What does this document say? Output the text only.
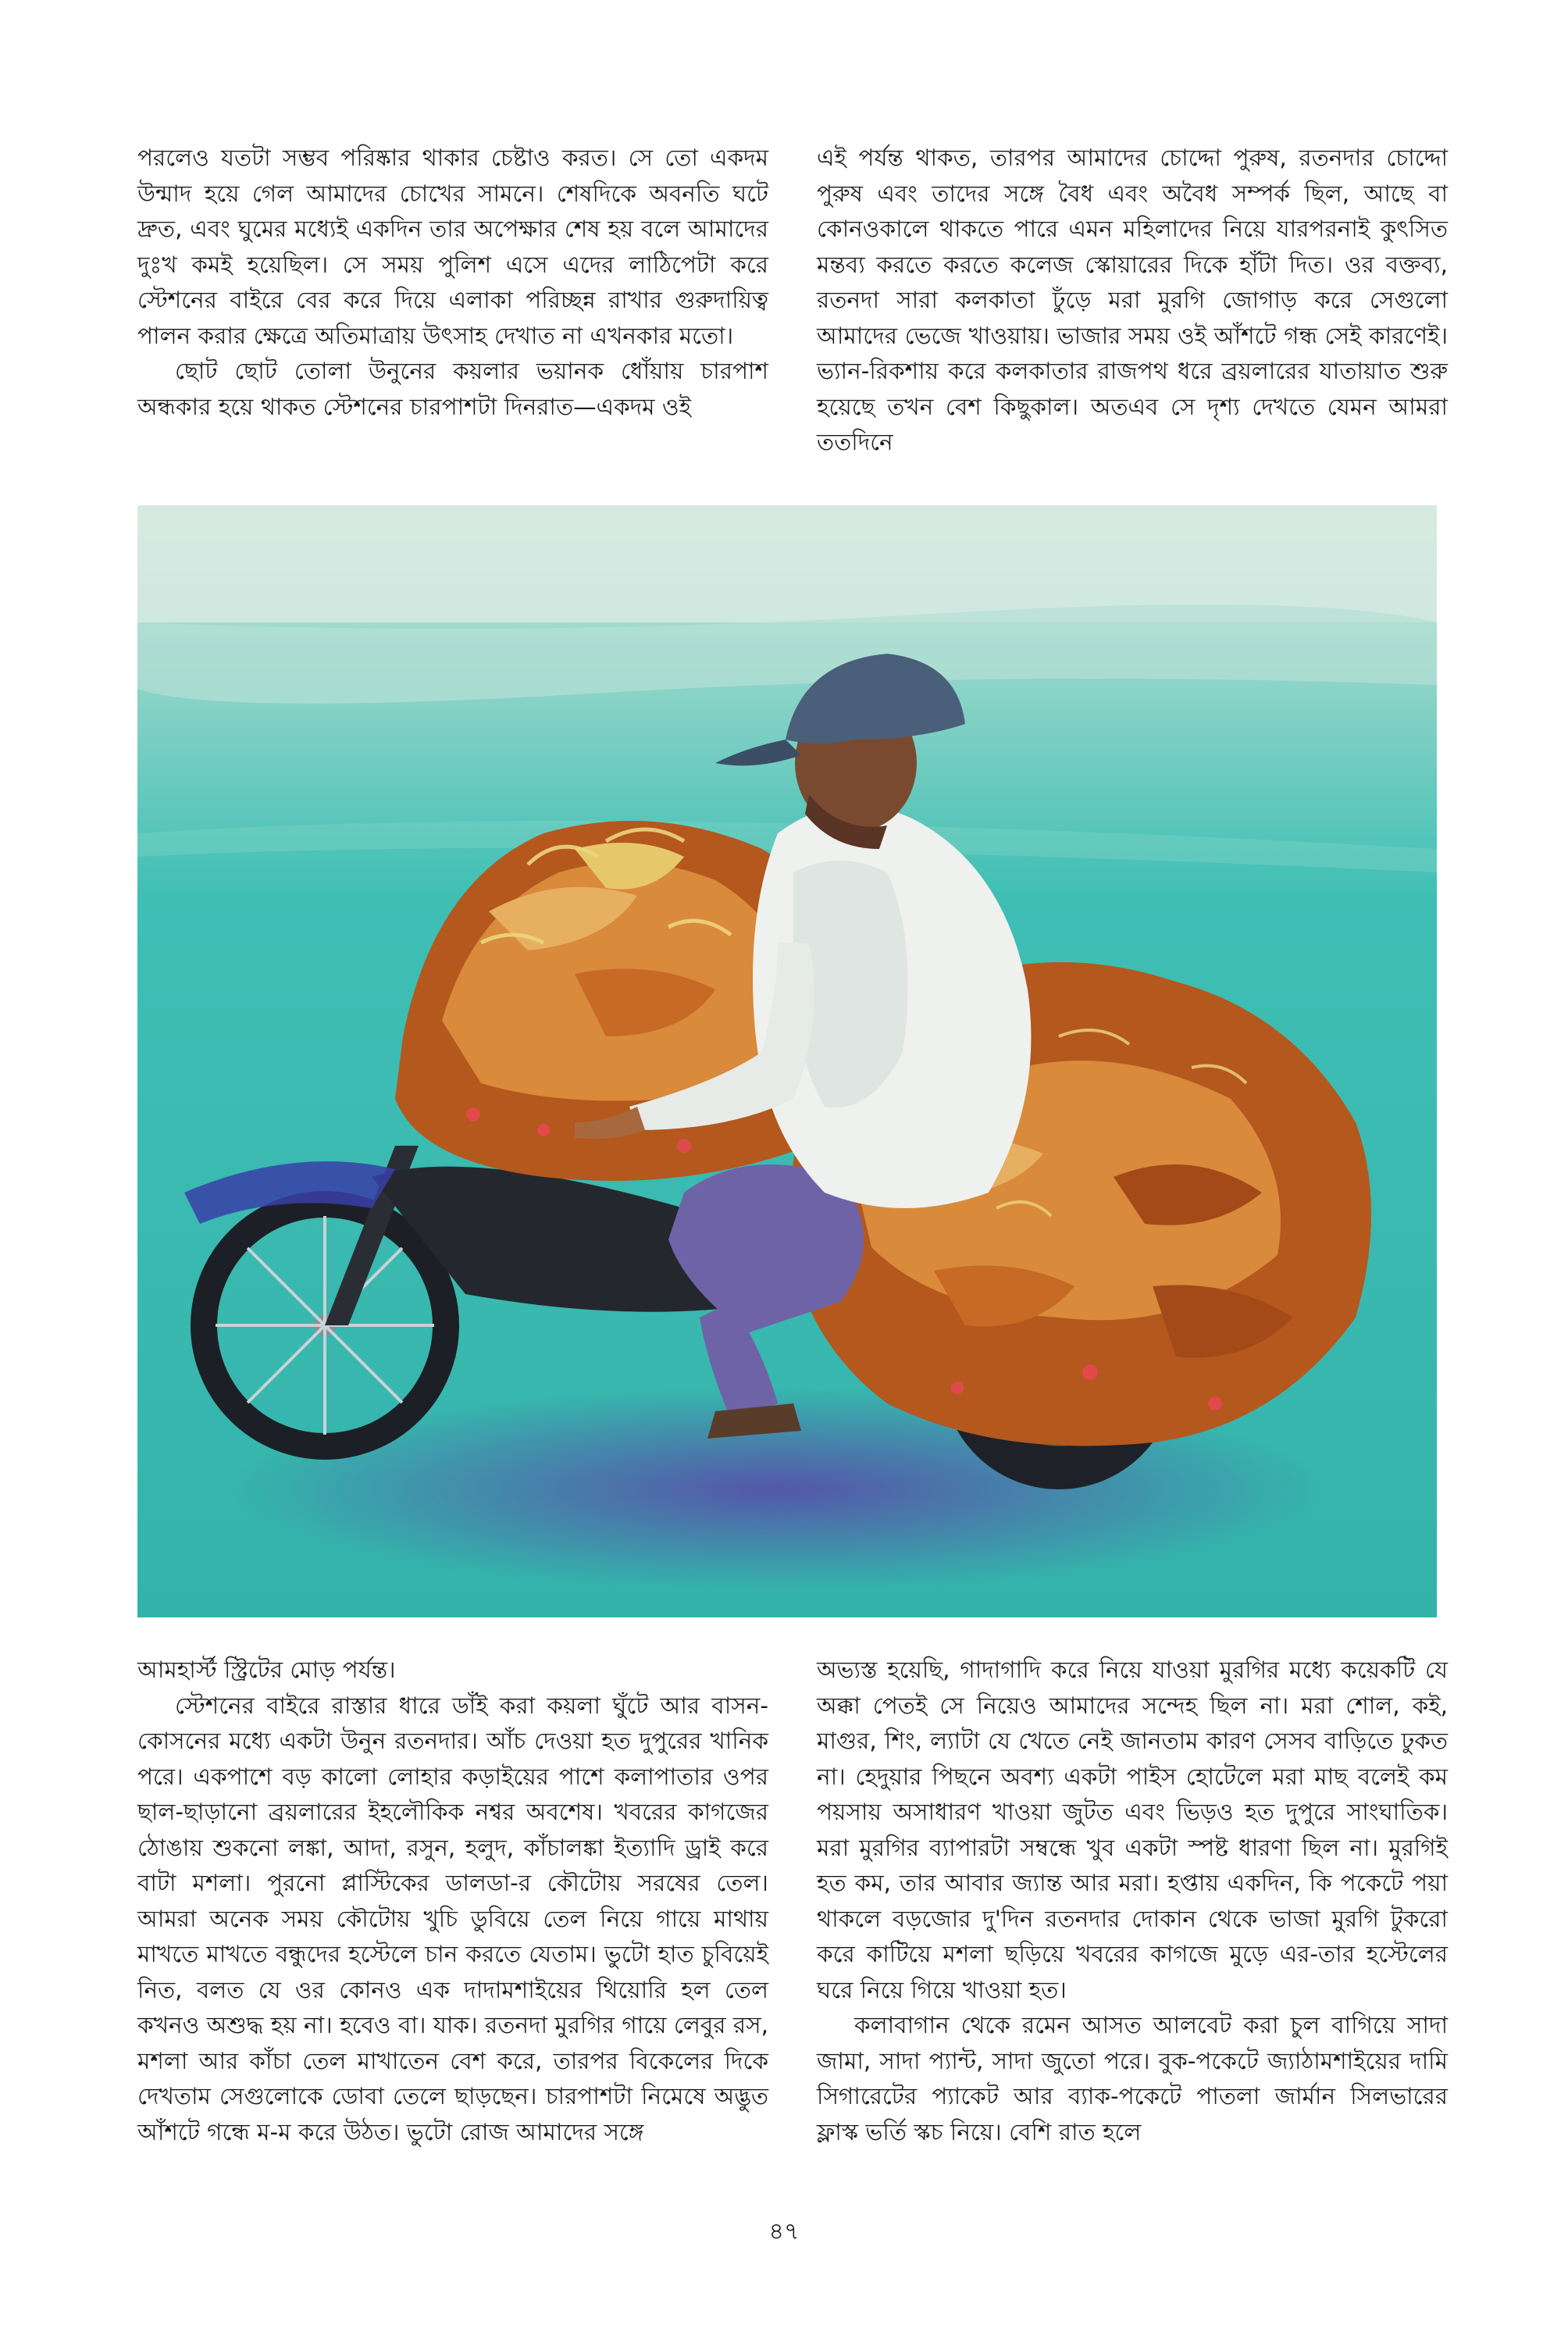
পরলেও যতটা সম্ভব পরিষ্কার থাকার চেষ্টাও করত। সে তো একদম উন্মাদ হয়ে গেল আমাদের চোখের সামনে। শেষদিকে অবনতি ঘটে দ্রুত, এবং ঘুমের মধ্যেই একদিন তার অপেক্ষার শেষ হয় বলে আমাদের দুঃখ কমই হয়েছিল। সে সময় পুলিশ এসে এদের লাঠিপেটা করে স্টেশনের বাইরে বের করে দিয়ে এলাকা পরিচ্ছন্ন রাখার গুরুদায়িত্ব পালন করার ক্ষেত্রে অতিমাত্রায় উৎসাহ দেখাত না এখনকার মতো।

ছোট ছোট তোলা উনুনের কয়লার ভয়ানক ধোঁয়ায় চারপাশ অন্ধকার হয়ে থাকত স্টেশনের চারপাশটা দিনরাত—একদম ওই

এই পর্যন্ত থাকত, তারপর আমাদের চোদ্দো পুরুষ, রতনদার চোদ্দো পুরুষ এবং তাদের সঙ্গে বৈধ এবং অবৈধ সম্পর্ক ছিল, আছে বা কোনওকালে থাকতে পারে এমন মহিলাদের নিয়ে যারপরনাই কুৎসিত মন্তব্য করতে করতে কলেজ স্কোয়ারের দিকে হাঁটা দিত। ওর বক্তব্য, রতনদা সারা কলকাতা ঢুঁড়ে মরা মুরগি জোগাড় করে সেগুলো আমাদের ভেজে খাওয়ায়। ভাজার সময় ওই আঁশটে গন্ধ সেই কারণেই। ভ্যান-রিকশায় করে কলকাতার রাজপথ ধরে ব্রয়লারের যাতায়াত শুরু হয়েছে তখন বেশ কিছুকাল। অতএব সে দৃশ্য দেখতে যেমন আমরা ততদিনে

আমহার্স্ট স্ট্রিটের মোড় পর্যন্ত।

স্টেশনের বাইরে রাস্তার ধারে ডাঁই করা কয়লা ঘুঁটে আর বাসন-কোসনের মধ্যে একটা উনুন রতনদার। আঁচ দেওয়া হত দুপুরের খানিক পরে। একপাশে বড় কালো লোহার কড়াইয়ের পাশে কলাপাতার ওপর ছাল-ছাড়ানো ব্রয়লারের ইহলৌকিক নশ্বর অবশেষ। খবরের কাগজের ঠোঙায় শুকনো লঙ্কা, আদা, রসুন, হলুদ, কাঁচালঙ্কা ইত্যাদি ড্রাই করে বাটা মশলা। পুরনো প্লাস্টিকের ডালডা-র কৌটোয় সরষের তেল। আমরা অনেক সময় কৌটোয় খুচি ডুবিয়ে তেল নিয়ে গায়ে মাথায় মাখতে মাখতে বন্ধুদের হস্টেলে চান করতে যেতাম। ভুটো হাত চুবিয়েই নিত, বলত যে ওর কোনও এক দাদামশাইয়ের থিয়োরি হল তেল কখনও অশুদ্ধ হয় না। হবেও বা। যাক। রতনদা মুরগির গায়ে লেবুর রস, মশলা আর কাঁচা তেল মাখাতেন বেশ করে, তারপর বিকেলের দিকে দেখতাম সেগুলোকে ডোবা তেলে ছাড়ছেন। চারপাশটা নিমেষে অদ্ভুত আঁশটে গন্ধে ম-ম করে উঠত। ভুটো রোজ আমাদের সঙ্গে

অভ্যস্ত হয়েছি, গাদাগাদি করে নিয়ে যাওয়া মুরগির মধ্যে কয়েকটি যে অক্কা পেতই সে নিয়েও আমাদের সন্দেহ ছিল না। মরা শোল, কই, মাগুর, শিং, ল্যাটা যে খেতে নেই জানতাম কারণ সেসব বাড়িতে ঢুকত না। হেদুয়ার পিছনে অবশ্য একটা পাইস হোটেলে মরা মাছ বলেই কম পয়সায় অসাধারণ খাওয়া জুটত এবং ভিড়ও হত দুপুরে সাংঘাতিক। মরা মুরগির ব্যাপারটা সম্বন্ধে খুব একটা স্পষ্ট ধারণা ছিল না। মুরগিই হত কম, তার আবার জ্যান্ত আর মরা। হপ্তায় একদিন, কি পকেটে পয়া থাকলে বড়জোর দু'দিন রতনদার দোকান থেকে ভাজা মুরগি টুকরো করে কাটিয়ে মশলা ছড়িয়ে খবরের কাগজে মুড়ে এর-তার হস্টেলের ঘরে নিয়ে গিয়ে খাওয়া হত।

কলাবাগান থেকে রমেন আসত আলবেট করা চুল বাগিয়ে সাদা জামা, সাদা প্যান্ট, সাদা জুতো পরে। বুক-পকেটে জ্যাঠামশাইয়ের দামি সিগারেটের প্যাকেট আর ব্যাক-পকেটে পাতলা জার্মান সিলভারের ফ্লাস্ক ভর্তি স্কচ নিয়ে। বেশি রাত হলে

৪৭
